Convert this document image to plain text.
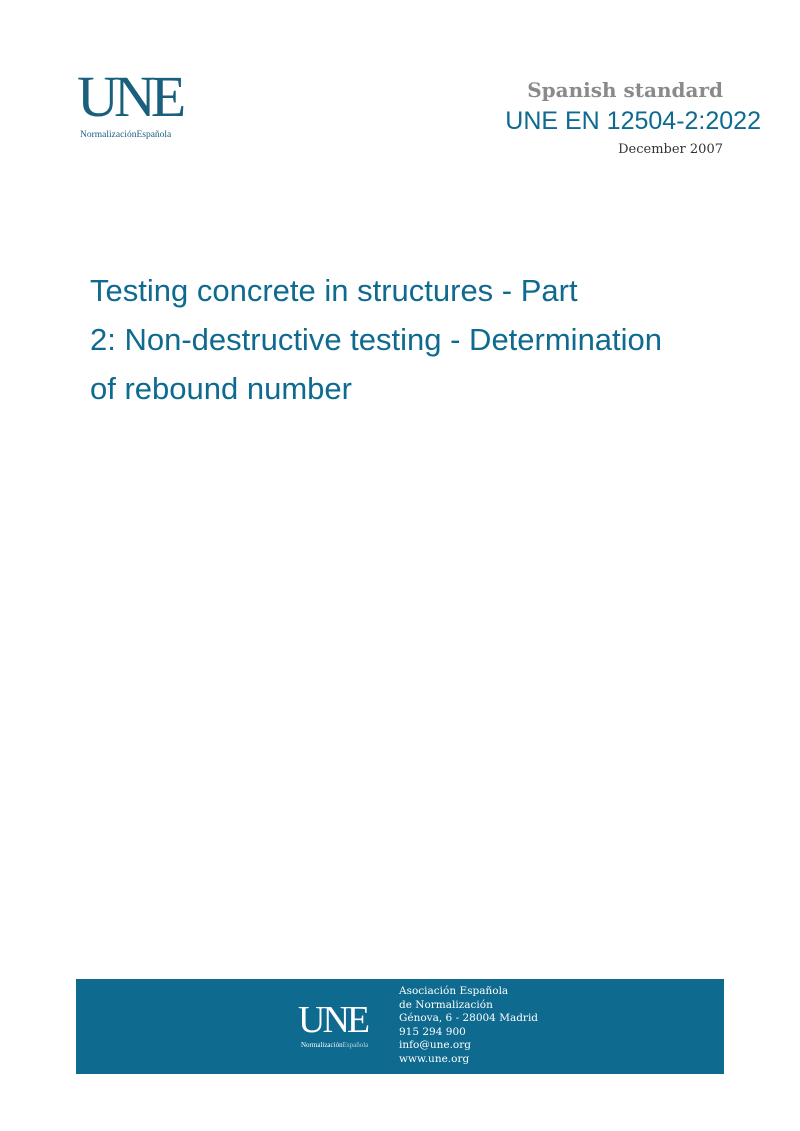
UNE
NormalizaciónEspañola
Spanish standard
UNE EN 12504-2:2022
December 2007
Testing concrete in structures - Part
2: Non-destructive testing - Determination
of rebound number
UNE
NormalizaciónEspañola
Asociación Española
de Normalización
Génova, 6 - 28004 Madrid
915 294 900
info@une.org
www.une.org
